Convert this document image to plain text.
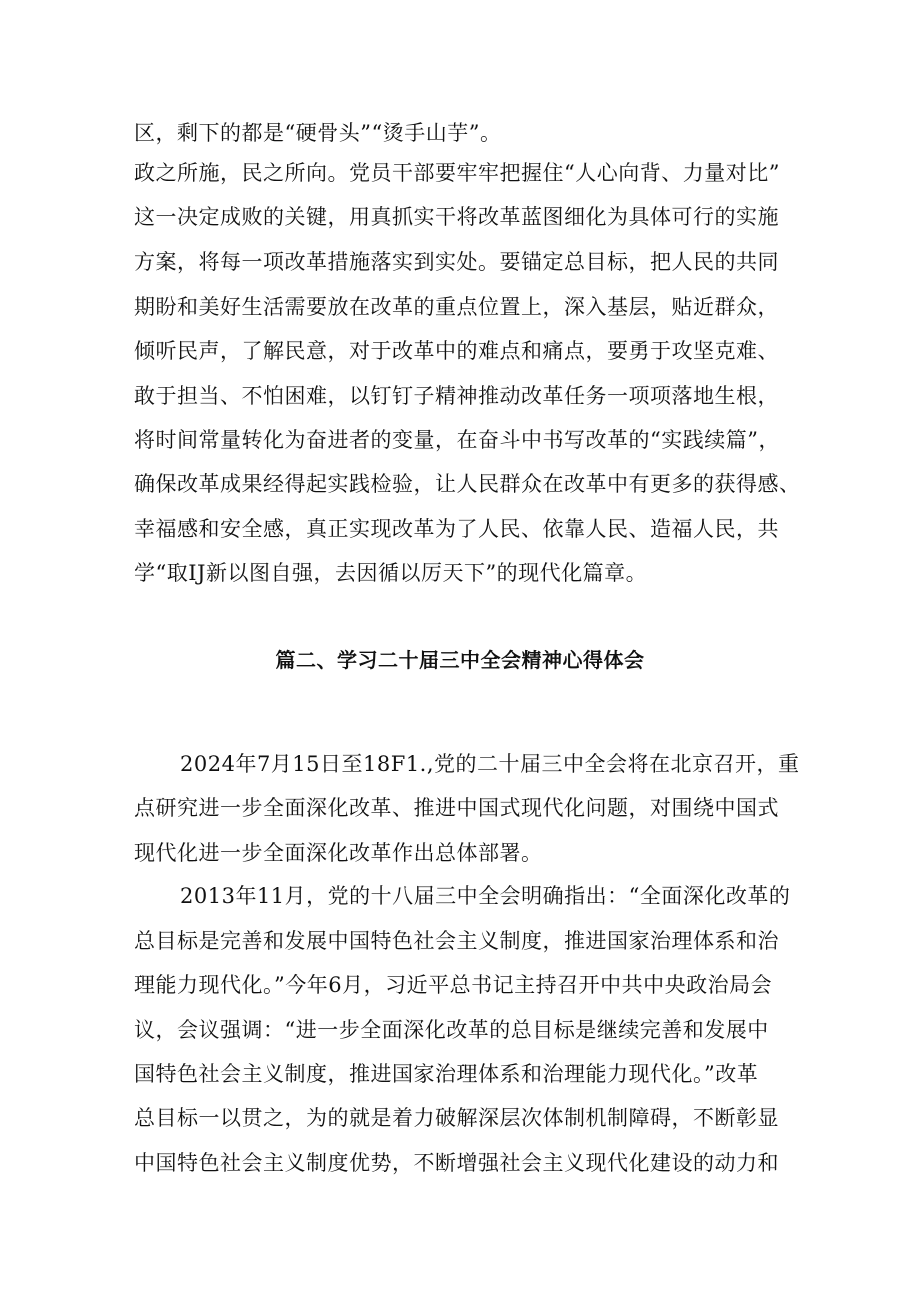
区，剩下的都是“硬骨头”“烫手山芋”。
政之所施，民之所向。党员干部要牢牢把握住“人心向背、力量对比”
这一决定成败的关键，用真抓实干将改革蓝图细化为具体可行的实施
方案，将每一项改革措施落实到实处。要锚定总目标，把人民的共同
期盼和美好生活需要放在改革的重点位置上，深入基层，贴近群众，
倾听民声，了解民意，对于改革中的难点和痛点，要勇于攻坚克难、
敢于担当、不怕困难，以钉钉子精神推动改革任务一项项落地生根，
将时间常量转化为奋进者的变量，在奋斗中书写改革的“实践续篇”，
确保改革成果经得起实践检验，让人民群众在改革中有更多的获得感、
幸福感和安全感，真正实现改革为了人民、依靠人民、造福人民，共
学“取IJ新以图自强，去因循以厉天下”的现代化篇章。
篇二、学习二十届三中全会精神心得体会
2024年7月15日至18F1.,党的二十届三中全会将在北京召开，重
点研究进一步全面深化改革、推进中国式现代化问题，对围绕中国式
现代化进一步全面深化改革作出总体部署。
2013年11月，党的十八届三中全会明确指出：“全面深化改革的
总目标是完善和发展中国特色社会主义制度，推进国家治理体系和治
理能力现代化。”今年6月，习近平总书记主持召开中共中央政治局会
议，会议强调：“进一步全面深化改革的总目标是继续完善和发展中
国特色社会主义制度，推进国家治理体系和治理能力现代化。”改革
总目标一以贯之，为的就是着力破解深层次体制机制障碍，不断彰显
中国特色社会主义制度优势，不断增强社会主义现代化建设的动力和
